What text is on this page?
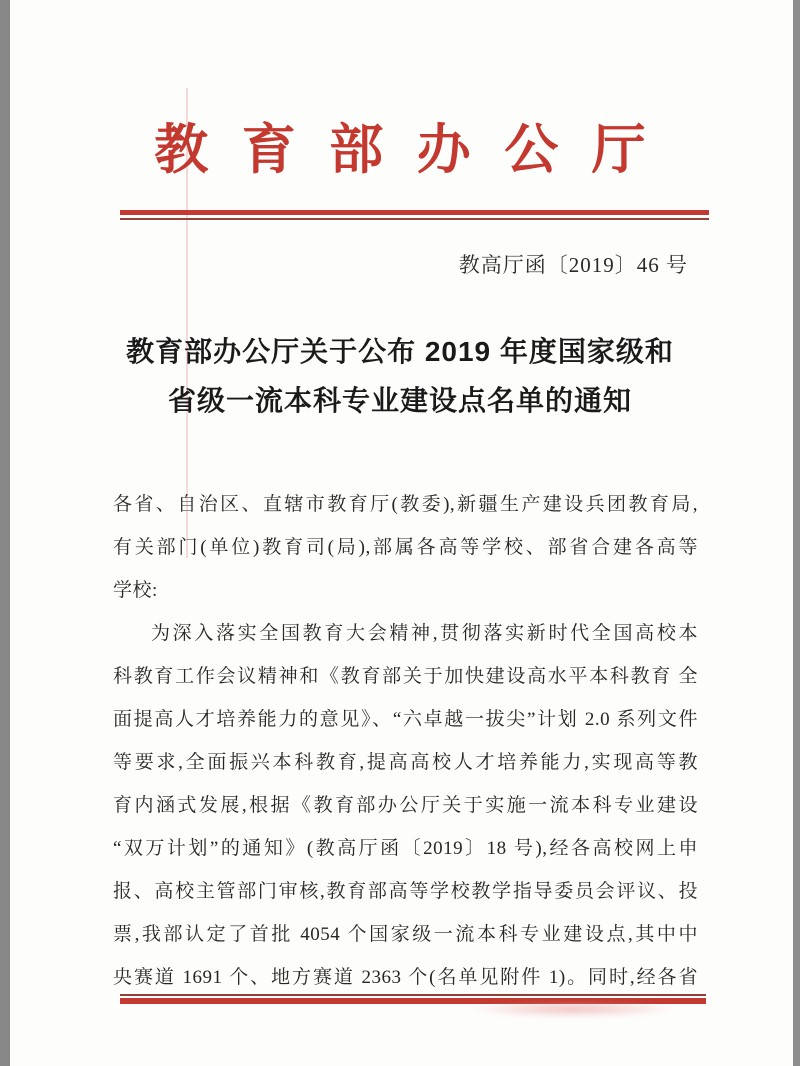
教育部办公厅
教高厅函〔2019〕46 号
教育部办公厅关于公布 2019 年度国家级和
省级一流本科专业建设点名单的通知
各省、自治区、直辖市教育厅(教委),新疆生产建设兵团教育局,
有关部门(单位)教育司(局),部属各高等学校、部省合建各高等
学校:
为深入落实全国教育大会精神,贯彻落实新时代全国高校本
科教育工作会议精神和《教育部关于加快建设高水平本科教育 全
面提高人才培养能力的意见》、“六卓越一拔尖”计划 2.0 系列文件
等要求,全面振兴本科教育,提高高校人才培养能力,实现高等教
育内涵式发展,根据《教育部办公厅关于实施一流本科专业建设
“双万计划”的通知》(教高厅函〔2019〕18 号),经各高校网上申
报、高校主管部门审核,教育部高等学校教学指导委员会评议、投
票,我部认定了首批 4054 个国家级一流本科专业建设点,其中中
央赛道 1691 个、地方赛道 2363 个(名单见附件 1)。同时,经各省
